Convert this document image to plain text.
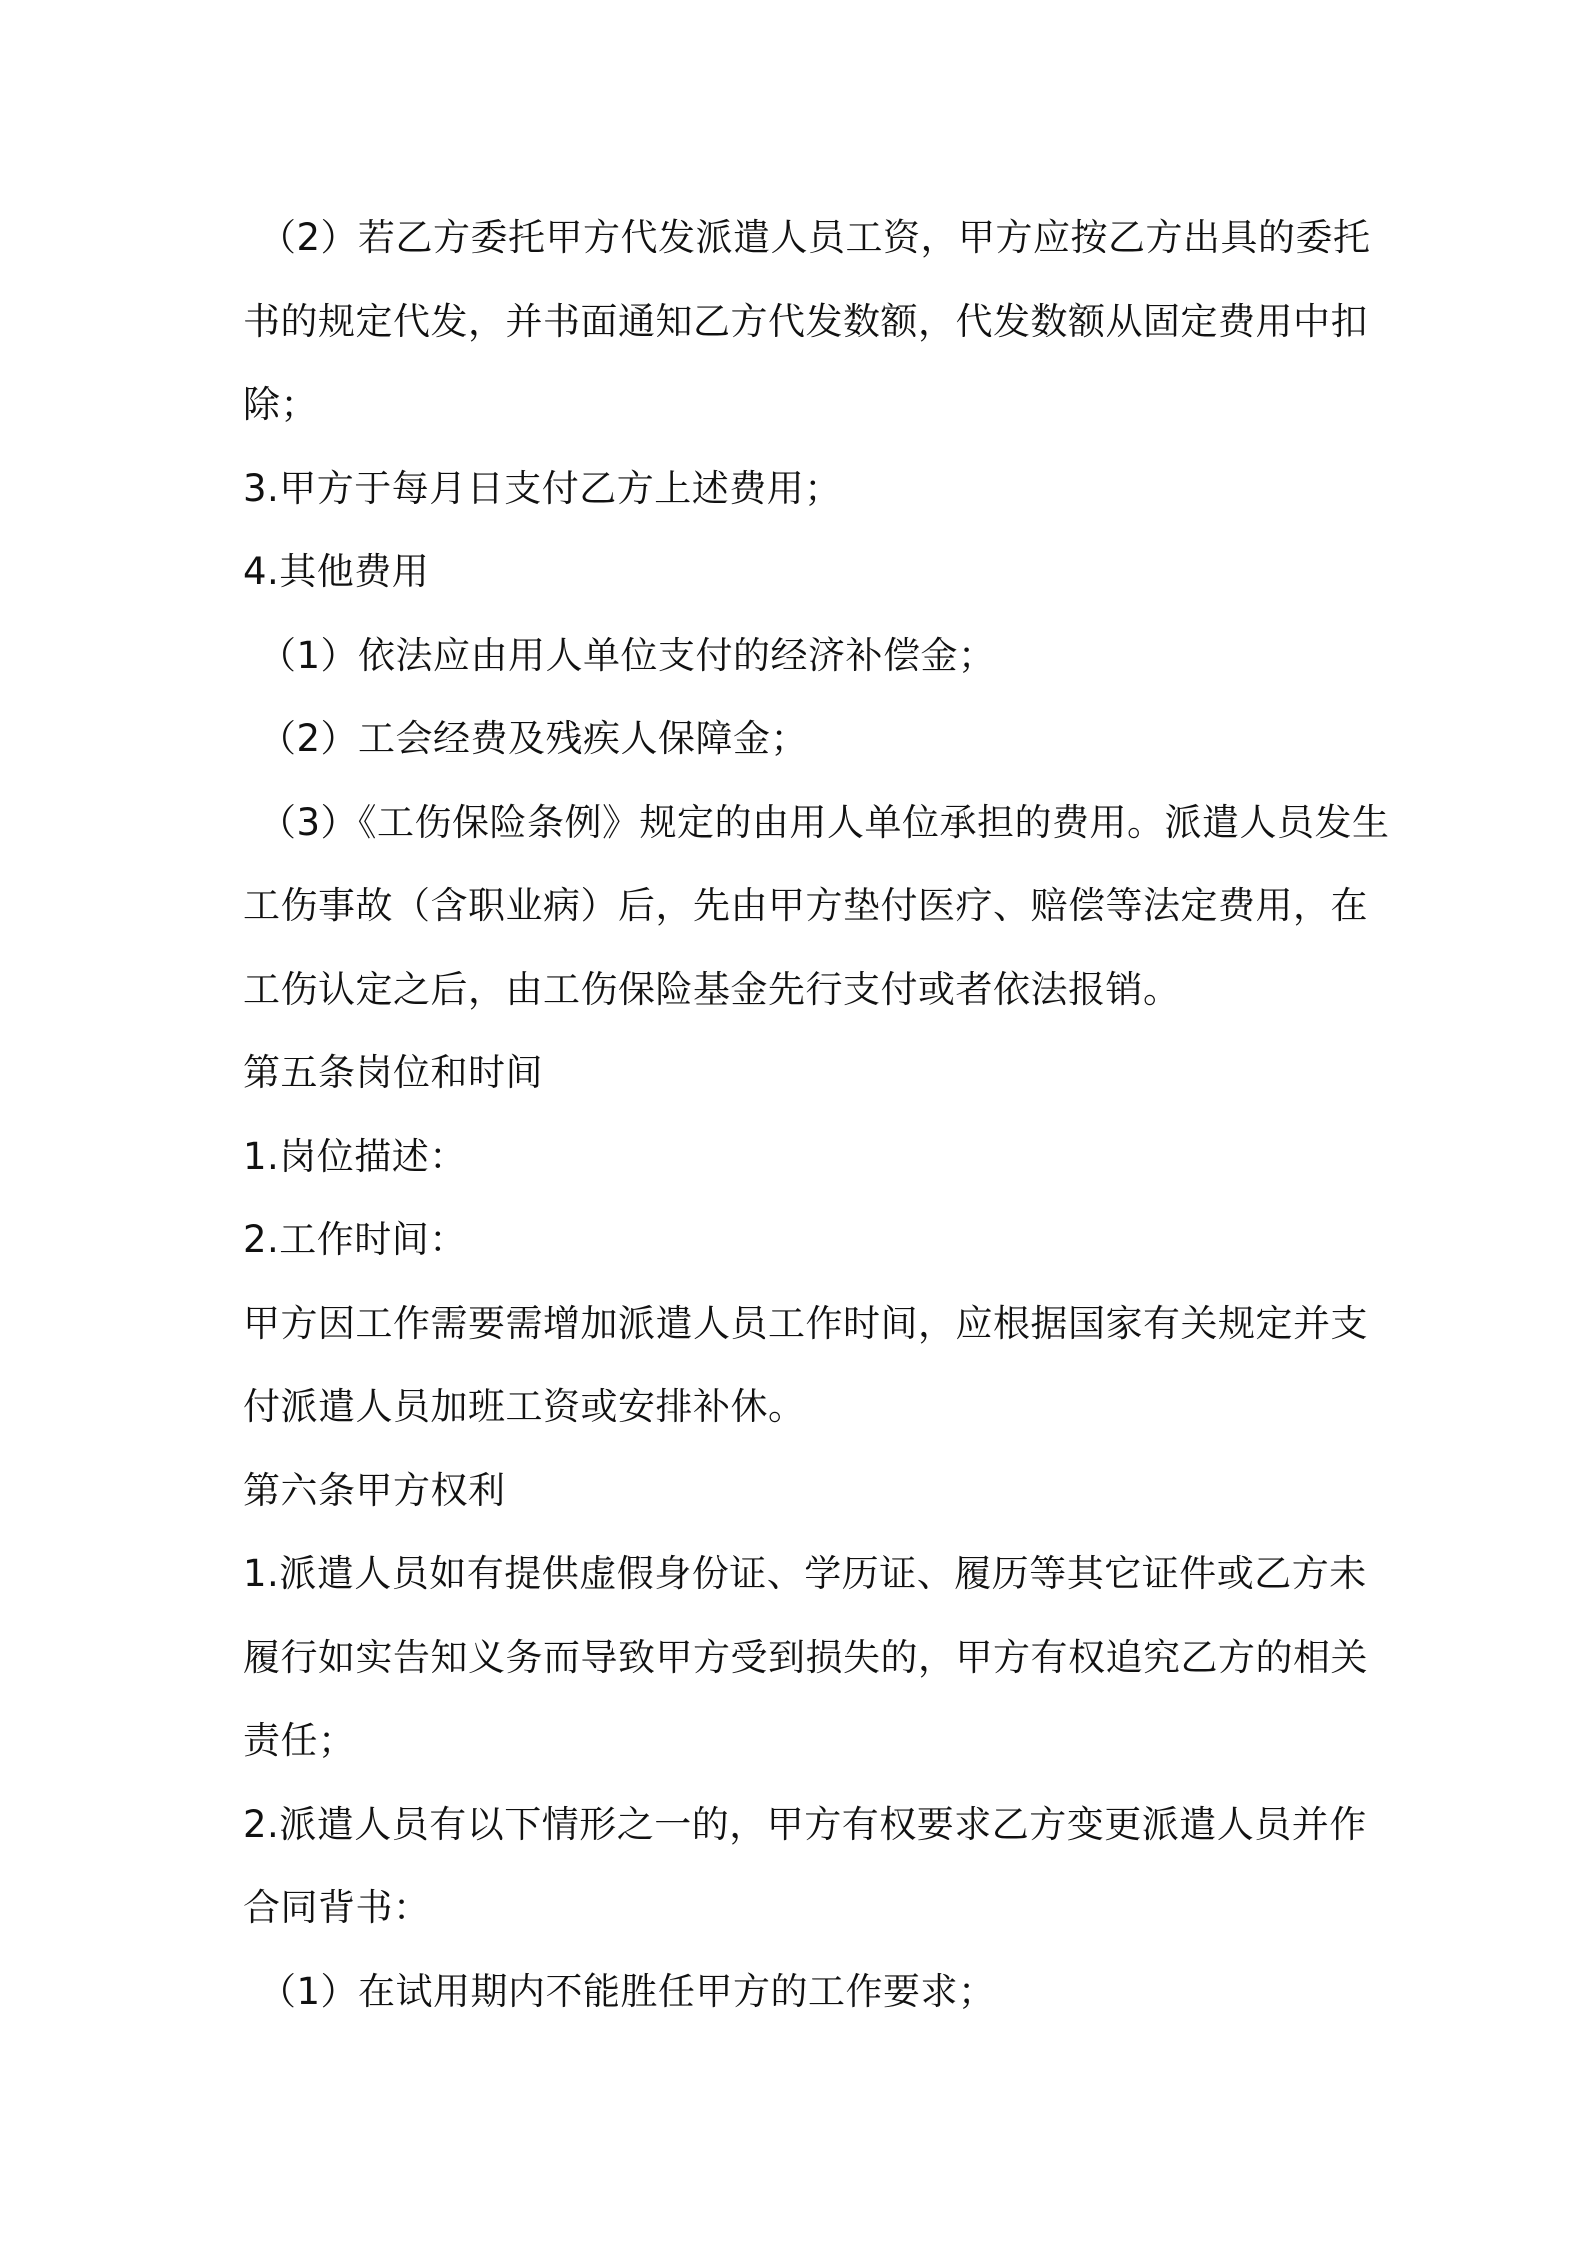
（2）若乙方委托甲方代发派遣人员工资，甲方应按乙方出具的委托
书的规定代发，并书面通知乙方代发数额，代发数额从固定费用中扣
除；
3.甲方于每月日支付乙方上述费用；
4.其他费用
（1）依法应由用人单位支付的经济补偿金；
（2）工会经费及残疾人保障金；
（3）《工伤保险条例》规定的由用人单位承担的费用。派遣人员发生
工伤事故（含职业病）后，先由甲方垫付医疗、赔偿等法定费用，在
工伤认定之后，由工伤保险基金先行支付或者依法报销。
第五条岗位和时间
1.岗位描述：
2.工作时间：
甲方因工作需要需增加派遣人员工作时间，应根据国家有关规定并支
付派遣人员加班工资或安排补休。
第六条甲方权利
1.派遣人员如有提供虚假身份证、学历证、履历等其它证件或乙方未
履行如实告知义务而导致甲方受到损失的，甲方有权追究乙方的相关
责任；
2.派遣人员有以下情形之一的，甲方有权要求乙方变更派遣人员并作
合同背书：
（1）在试用期内不能胜任甲方的工作要求；
